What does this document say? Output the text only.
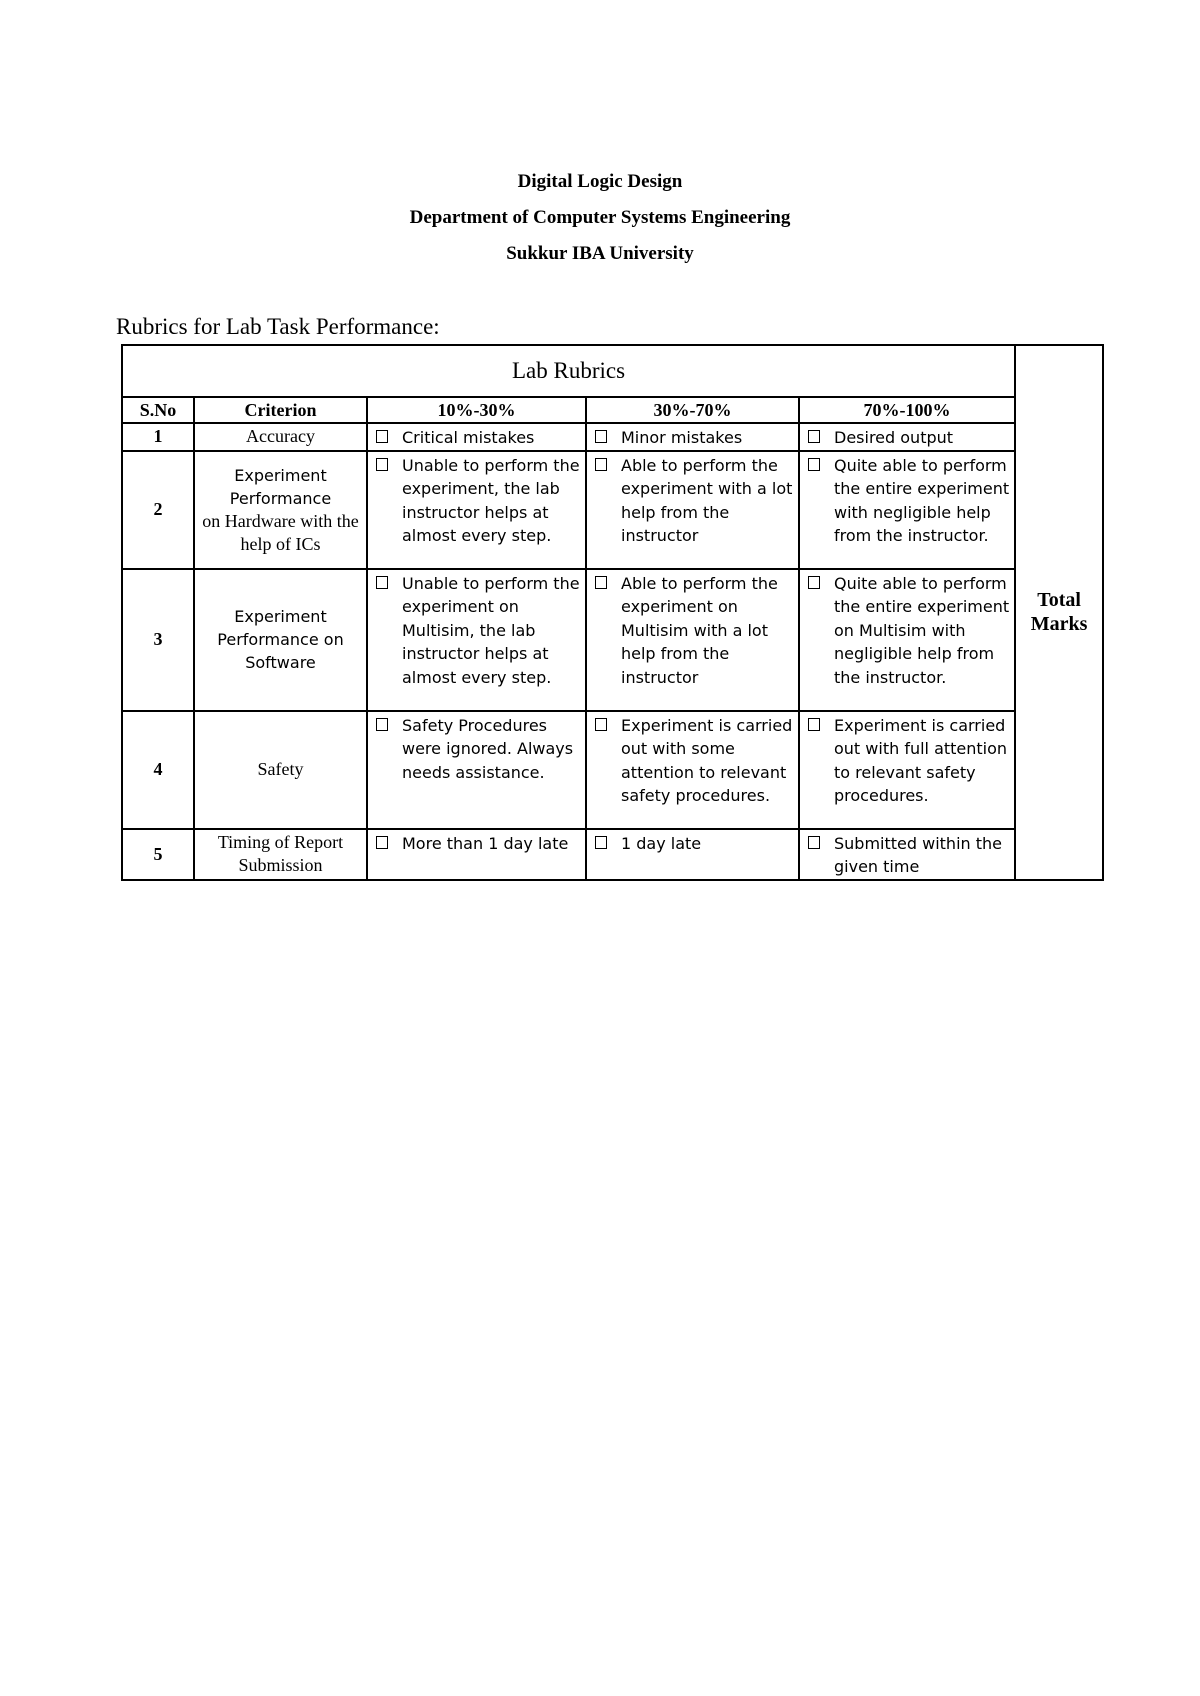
Digital Logic Design
Department of Computer Systems Engineering
Sukkur IBA University
Rubrics for Lab Task Performance:
Lab Rubrics					Total Marks
S.No	Criterion	10%-30%	30%-70%	70%-100%	
1	Accuracy	Critical mistakes	Minor mistakes	Desired output	

2	Experiment Performance
on Hardware with the help of ICs	Unable to perform the experiment, the lab instructor helps at almost every step.	Able to perform the experiment with a lot help from the instructor	Quite able to perform the entire experiment with negligible help from the instructor.	

3	Experiment Performance on Software	Unable to perform the experiment on Multisim, the lab instructor helps at almost every step.	Able to perform the experiment on Multisim with a lot help from the instructor	Quite able to perform the entire experiment on Multisim with negligible help from the instructor.	

4	Safety	Safety Procedures were ignored. Always needs assistance.	Experiment is carried out with some attention to relevant safety procedures.	Experiment is carried out with full attention to relevant safety procedures.	

5	Timing of Report Submission	More than 1 day late	1 day late	Submitted within the given time	
